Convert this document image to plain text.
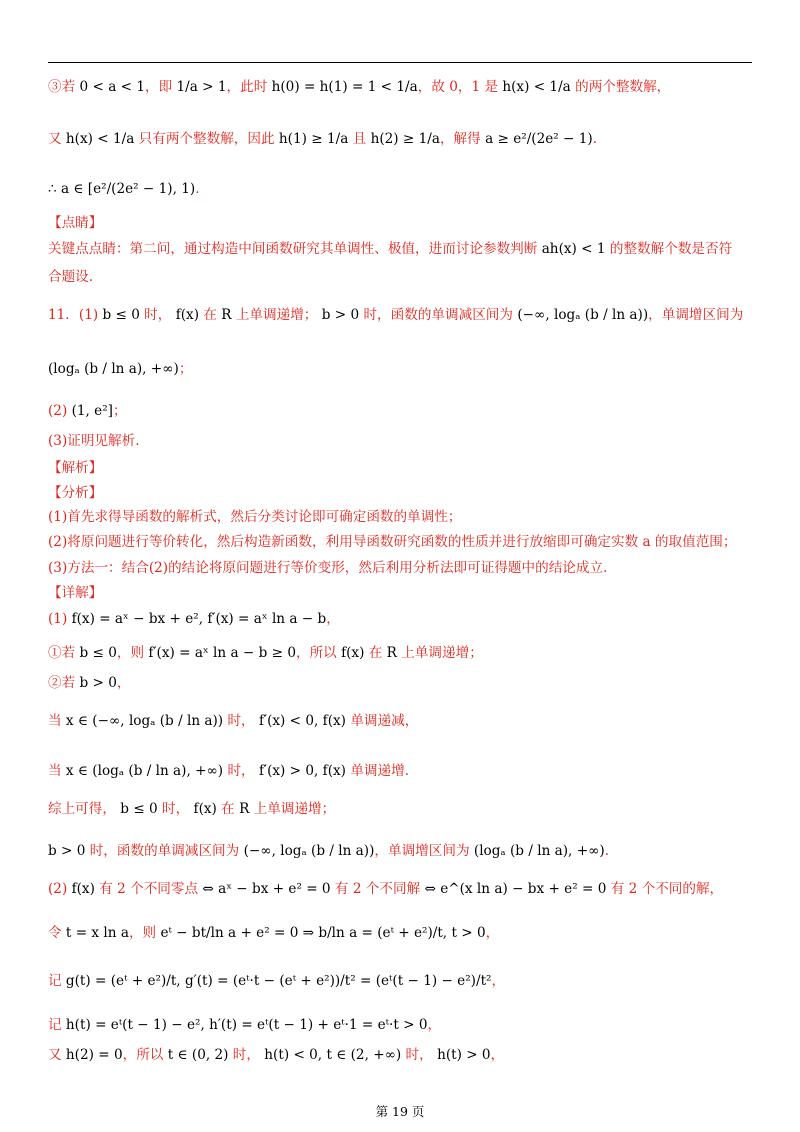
③若 0 < a < 1，即 1/a > 1，此时 h(0) = h(1) = 1 < 1/a，故 0，1 是 h(x) < 1/a 的两个整数解，
又 h(x) < 1/a 只有两个整数解，因此 h(1) ≥ 1/a 且 h(2) ≥ 1/a，解得 a ≥ e²/(2e² − 1)．
∴ a ∈ [e²/(2e² − 1), 1)．
【点睛】
关键点点睛：第二问，通过构造中间函数研究其单调性、极值，进而讨论参数判断 ah(x) < 1 的整数解个数是否符
合题设.
11．(1) b ≤ 0 时， f(x) 在 R 上单调递增； b > 0 时，函数的单调减区间为 (−∞, logₐ (b / ln a))，单调增区间为
(logₐ (b / ln a), +∞)；
(2) (1, e²]；
(3)证明见解析.
【解析】
【分析】
(1)首先求得导函数的解析式，然后分类讨论即可确定函数的单调性；
(2)将原问题进行等价转化，然后构造新函数，利用导函数研究函数的性质并进行放缩即可确定实数 a 的取值范围；
(3)方法一：结合(2)的结论将原问题进行等价变形，然后利用分析法即可证得题中的结论成立.
【详解】
(1) f(x) = aˣ − bx + e², f′(x) = aˣ ln a − b，
①若 b ≤ 0，则 f′(x) = aˣ ln a − b ≥ 0，所以 f(x) 在 R 上单调递增；
②若 b > 0，
当 x ∈ (−∞, logₐ (b / ln a)) 时， f′(x) < 0, f(x) 单调递减，
当 x ∈ (logₐ (b / ln a), +∞) 时， f′(x) > 0, f(x) 单调递增.
综上可得， b ≤ 0 时， f(x) 在 R 上单调递增；
b > 0 时，函数的单调减区间为 (−∞, logₐ (b / ln a))，单调增区间为 (logₐ (b / ln a), +∞).
(2) f(x) 有 2 个不同零点 ⇔ aˣ − bx + e² = 0 有 2 个不同解 ⇔ e^(x ln a) − bx + e² = 0 有 2 个不同的解，
令 t = x ln a，则 eᵗ − bt/ln a + e² = 0 ⇒ b/ln a = (eᵗ + e²)/t, t > 0，
记 g(t) = (eᵗ + e²)/t, g′(t) = (eᵗ·t − (eᵗ + e²))/t² = (eᵗ(t − 1) − e²)/t²，
记 h(t) = eᵗ(t − 1) − e², h′(t) = eᵗ(t − 1) + eᵗ·1 = eᵗ·t > 0，
又 h(2) = 0，所以 t ∈ (0, 2) 时， h(t) < 0, t ∈ (2, +∞) 时， h(t) > 0，
第 19 页
